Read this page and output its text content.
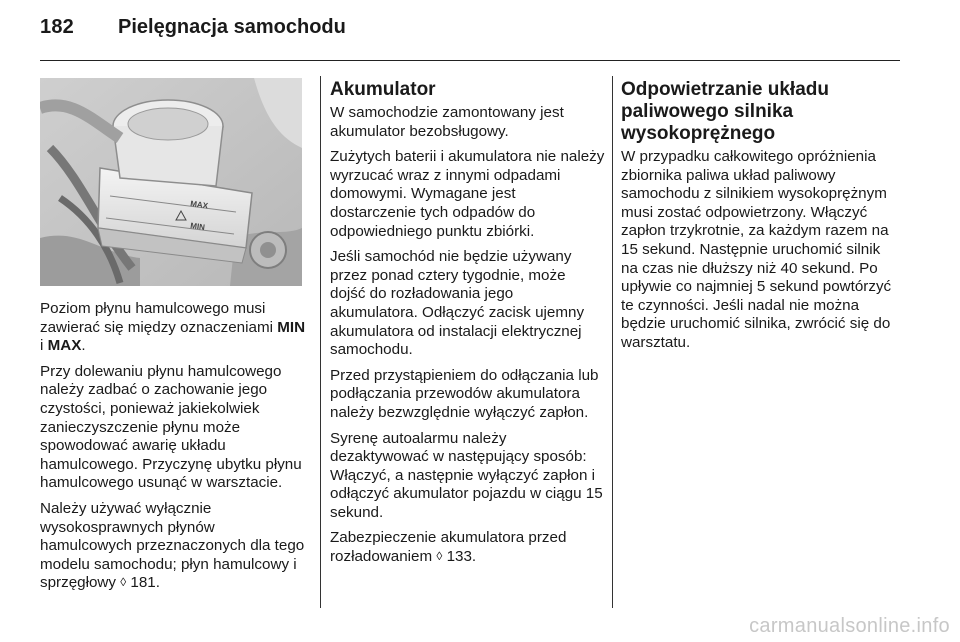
182 Pielęgnacja samochodu
MAX
MIN

Poziom płynu hamulcowego musi zawierać się między oznaczeniami MIN i MAX.

Przy dolewaniu płynu hamulcowego należy zadbać o zachowanie jego czystości, ponieważ jakiekolwiek zanieczyszczenie płynu może spowodować awarię układu hamulcowego. Przyczynę ubytku płynu hamulcowego usunąć w warsztacie.

Należy używać wyłącznie wysokosprawnych płynów hamulcowych przeznaczonych dla tego modelu samochodu; płyn hamulcowy i sprzęgłowy ◊ 181.

Akumulator

W samochodzie zamontowany jest akumulator bezobsługowy.

Zużytych baterii i akumulatora nie należy wyrzucać wraz z innymi odpadami domowymi. Wymagane jest dostarczenie tych odpadów do odpowiedniego punktu zbiórki.

Jeśli samochód nie będzie używany przez ponad cztery tygodnie, może dojść do rozładowania jego akumulatora. Odłączyć zacisk ujemny akumulatora od instalacji elektrycznej samochodu.

Przed przystąpieniem do odłączania lub podłączania przewodów akumulatora należy bezwzględnie wyłączyć zapłon.

Syrenę autoalarmu należy dezaktywować w następujący sposób: Włączyć, a następnie wyłączyć zapłon i odłączyć akumulator pojazdu w ciągu 15 sekund.

Zabezpieczenie akumulatora przed rozładowaniem ◊ 133.

Odpowietrzanie układu paliwowego silnika wysokoprężnego

W przypadku całkowitego opróżnienia zbiornika paliwa układ paliwowy samochodu z silnikiem wysokoprężnym musi zostać odpowietrzony. Włączyć zapłon trzykrotnie, za każdym razem na 15 sekund. Następnie uruchomić silnik na czas nie dłuższy niż 40 sekund. Po upływie co najmniej 5 sekund powtórzyć te czynności. Jeśli nadal nie można będzie uruchomić silnika, zwrócić się do warsztatu.

carmanualsonline.info
